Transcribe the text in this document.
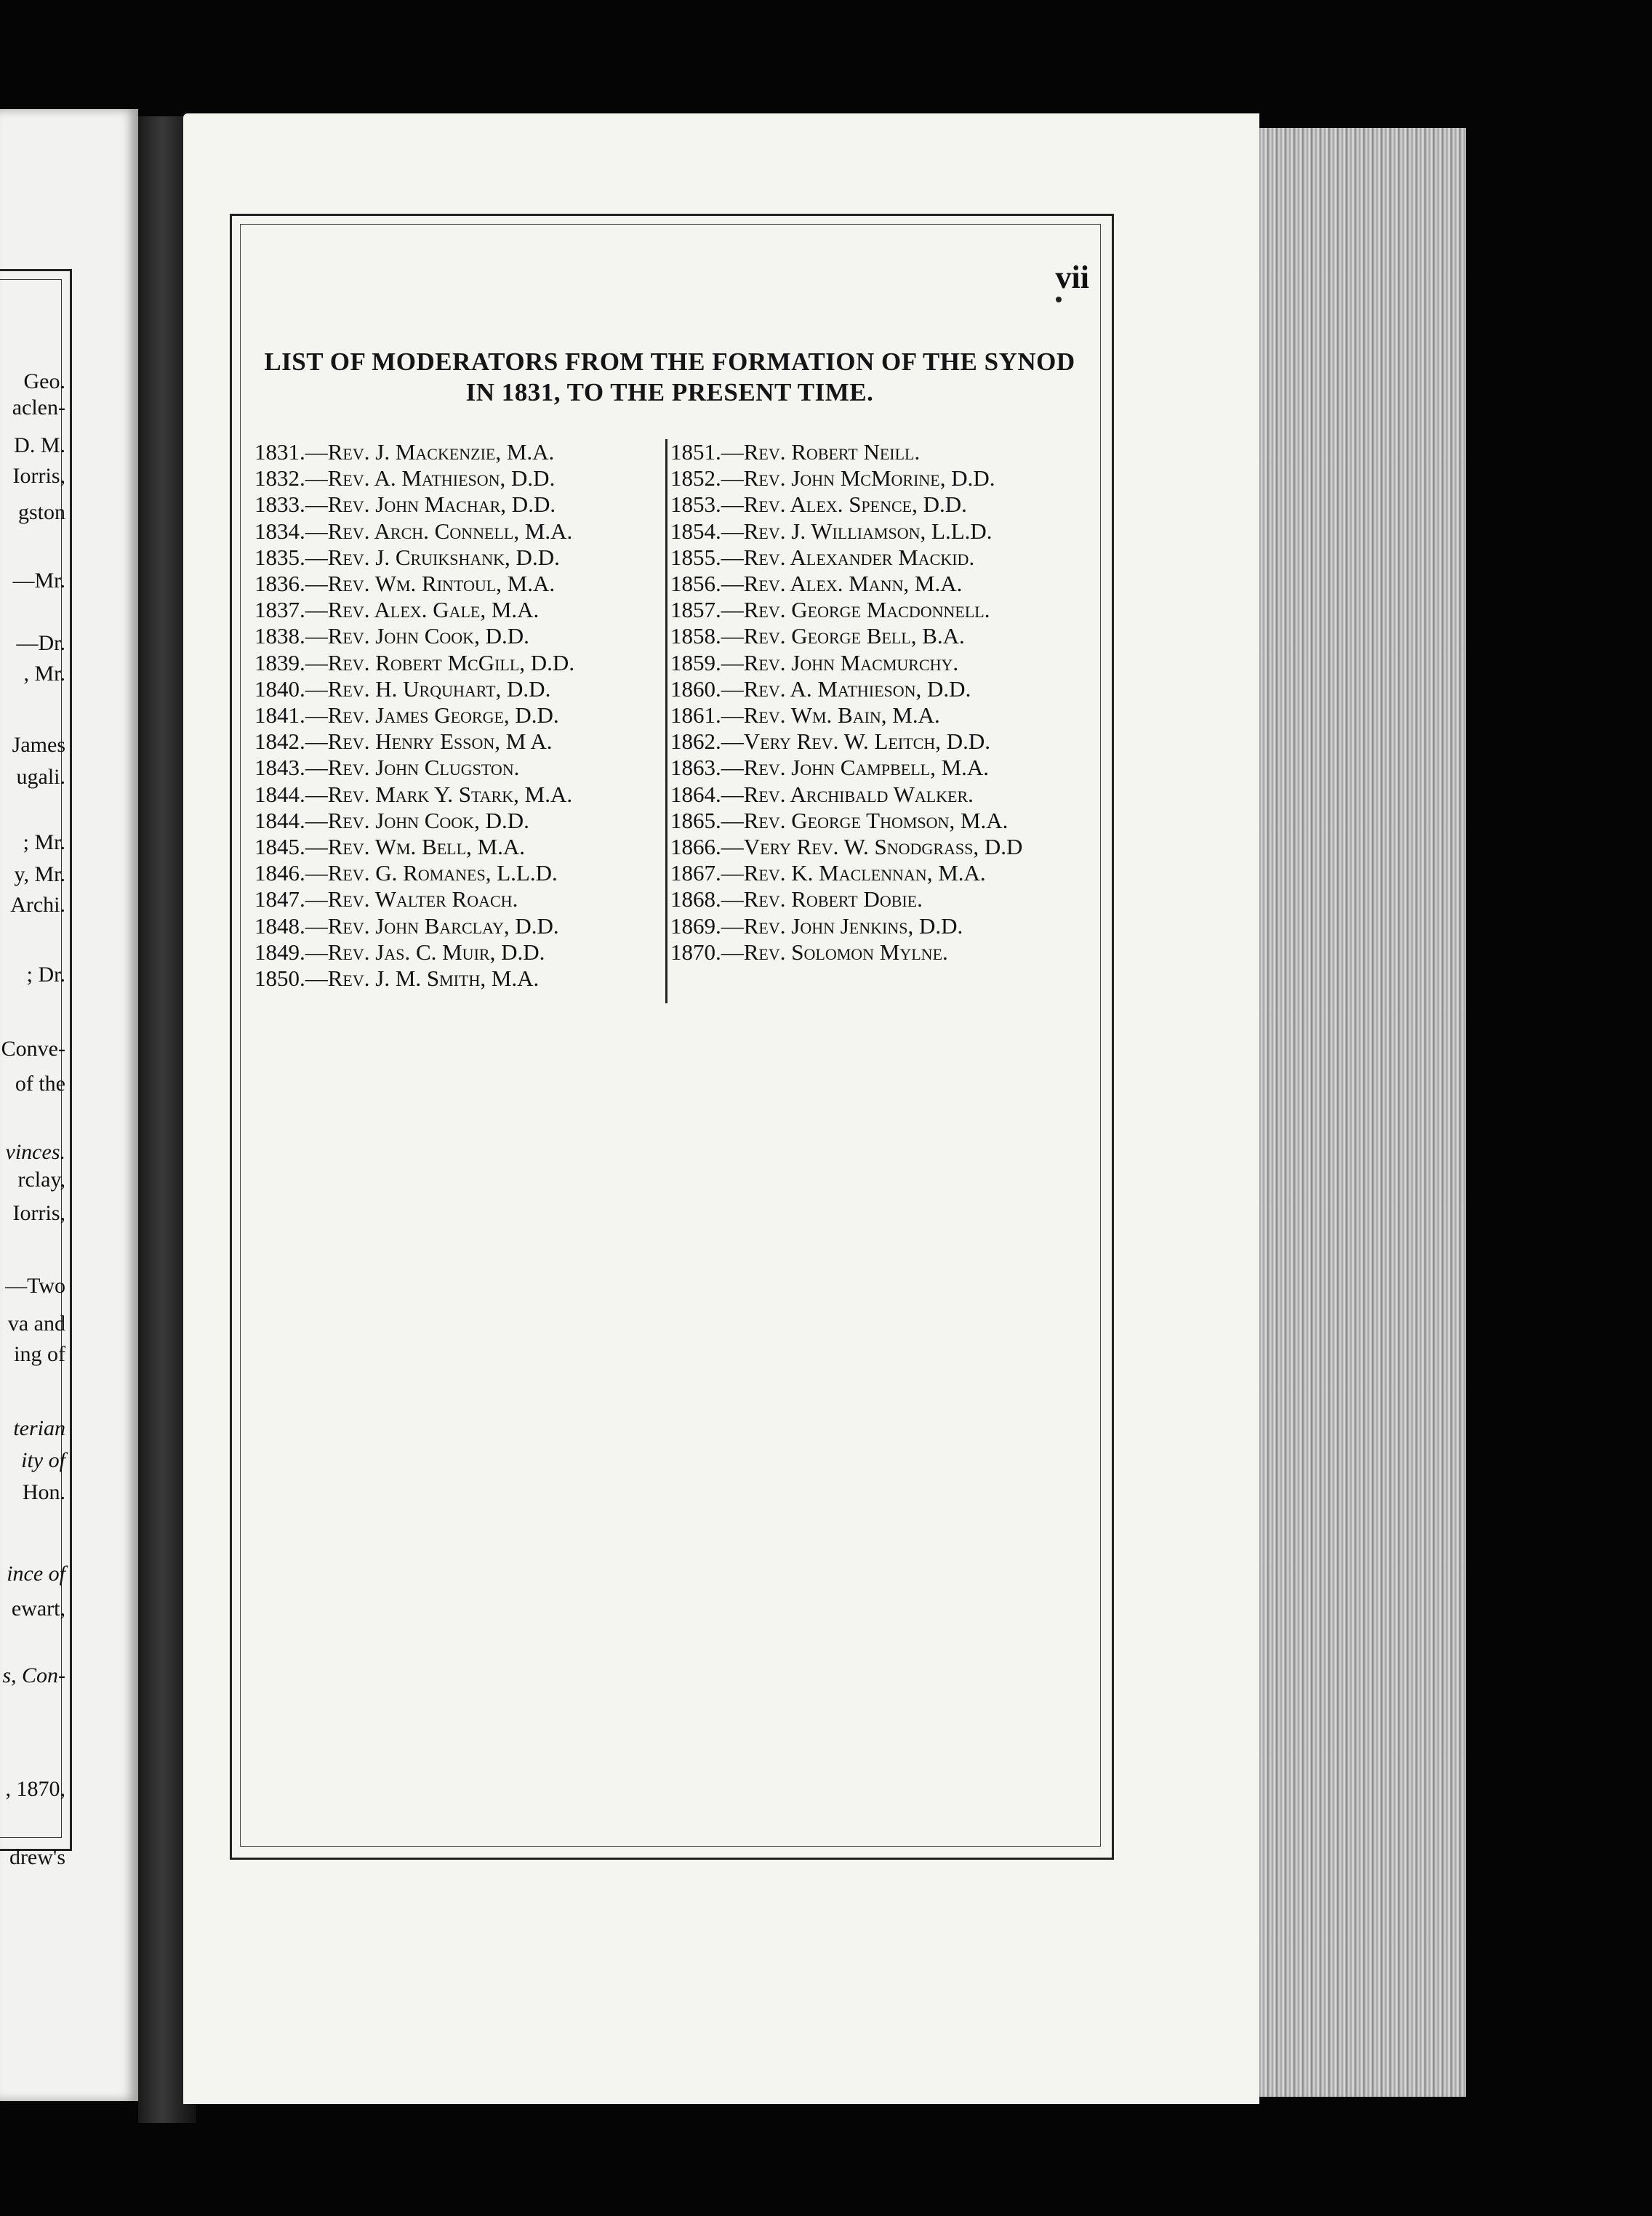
Geo.
aclen-
D. M.
Iorris,
gston
—Mr.
—Dr.
, Mr.
James
ugali.
; Mr.
y, Mr.
Archi.
; Dr.
Conve-
of the
vinces.
rclay,
Iorris,
—Two
va and
ing of
terian
ity of
Hon.
ince of
ewart,
s, Con-
, 1870,
drew's
vii
LIST OF MODERATORS FROM THE FORMATION OF THE SYNOD
IN 1831, TO THE PRESENT TIME.
1831.—Rev. J. Mackenzie, M.A.
1832.—Rev. A. Mathieson, D.D.
1833.—Rev. John Machar, D.D.
1834.—Rev. Arch. Connell, M.A.
1835.—Rev. J. Cruikshank, D.D.
1836.—Rev. Wm. Rintoul, M.A.
1837.—Rev. Alex. Gale, M.A.
1838.—Rev. John Cook, D.D.
1839.—Rev. Robert McGill, D.D.
1840.—Rev. H. Urquhart, D.D.
1841.—Rev. James George, D.D.
1842.—Rev. Henry Esson, M A.
1843.—Rev. John Clugston.
1844.—Rev. Mark Y. Stark, M.A.
1844.—Rev. John Cook, D.D.
1845.—Rev. Wm. Bell, M.A.
1846.—Rev. G. Romanes, L.L.D.
1847.—Rev. Walter Roach.
1848.—Rev. John Barclay, D.D.
1849.—Rev. Jas. C. Muir, D.D.
1850.—Rev. J. M. Smith, M.A.
1851.—Rev. Robert Neill.
1852.—Rev. John McMorine, D.D.
1853.—Rev. Alex. Spence, D.D.
1854.—Rev. J. Williamson, L.L.D.
1855.—Rev. Alexander Mackid.
1856.—Rev. Alex. Mann, M.A.
1857.—Rev. George Macdonnell.
1858.—Rev. George Bell, B.A.
1859.—Rev. John Macmurchy.
1860.—Rev. A. Mathieson, D.D.
1861.—Rev. Wm. Bain, M.A.
1862.—Very Rev. W. Leitch, D.D.
1863.—Rev. John Campbell, M.A.
1864.—Rev. Archibald Walker.
1865.—Rev. George Thomson, M.A.
1866.—Very Rev. W. Snodgrass, D.D
1867.—Rev. K. Maclennan, M.A.
1868.—Rev. Robert Dobie.
1869.—Rev. John Jenkins, D.D.
1870.—Rev. Solomon Mylne.
